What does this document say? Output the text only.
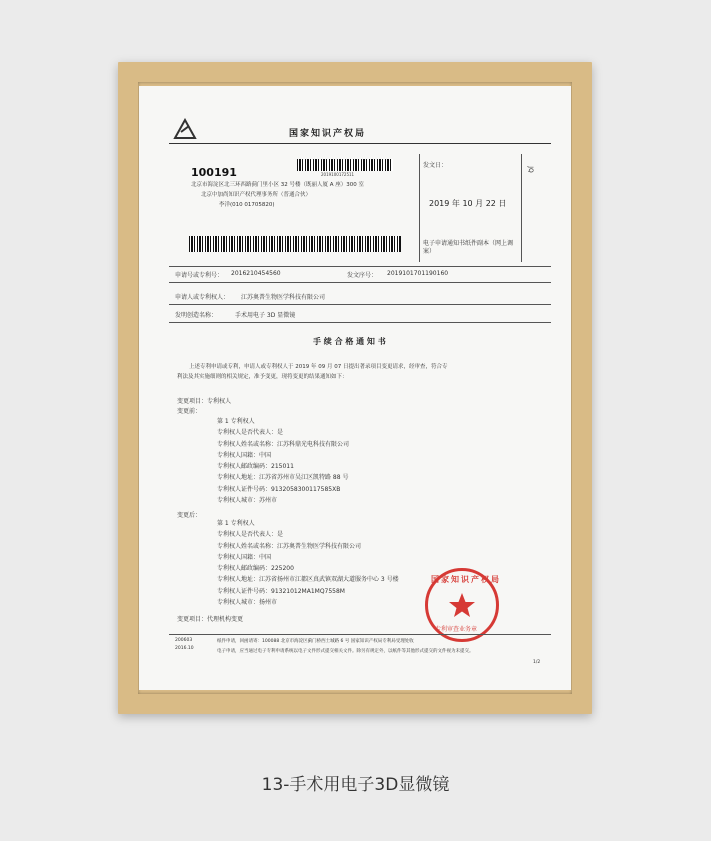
国家知识产权局
100191	2019100172511
北京市海淀区北三环西路蓟门里小区 32 号楼（既丽人厦 A 座）300 室
北京中加尚知识产权代理事务所（普通合伙）
李洋(010 01705820)
发文日：
2019 年 10 月 22 日
电子申请通知书纸件副本（网上调案）
JQ
申请号或专利号： 2016210454560	发文序号： 2019101701190160
申请人或专利权人： 江苏奥普生物医学科技有限公司
发明创造名称：	手术用电子 3D 显微镜
手 续 合 格 通 知 书
上述专利申请或专利，申请人或专利权人于 2019 年 09 月 07 日提出著录项目变更请求，经审查，符合专
利法及其实施细则的相关规定，准予变更，现将变更的结果通知如下：
变更项目：专利权人
变更前：
第 1 专利权人
专利权人是否代表人：是
专利权人姓名或名称：江苏科鼎光电科技有限公司
专利权人国籍：中国
专利权人邮政编码：215011
专利权人地址：江苏省苏州市吴江区凯特路 88 号
专利权人证件号码：9132058300117585XB
专利权人城市：苏州市
变更后：
第 1 专利权人
专利权人是否代表人：是
专利权人姓名或名称：江苏奥普生物医学科技有限公司
专利权人国籍：中国
专利权人邮政编码：225200
专利权人地址：江苏省扬州市江都区真武镇双湖大道服务中心 3 号楼
专利权人证件号码：91321012MA1MQ7558M
专利权人城市：扬州市
变更项目：代理机构变更
国家知识产权局
专利审查业务章
200603
2016.10
纸件申请，回函请寄：100088 北京市海淀区蓟门桥西土城路 6 号 国家知识产权局专利局受理处收
电子申请，应当通过电子专利申请系统以电子文件形式提交相关文件。除另有规定外，以纸件等其他形式提交的文件视为未提交。
1/2
13-手术用电子3D显微镜
